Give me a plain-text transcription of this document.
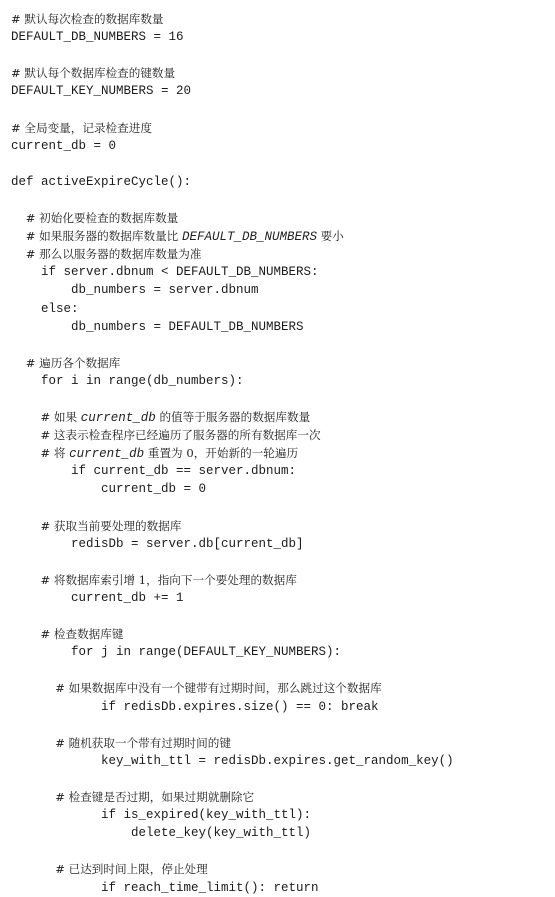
# 默认每次检查的数据库数量
DEFAULT_DB_NUMBERS = 16
# 默认每个数据库检查的键数量
DEFAULT_KEY_NUMBERS = 20
# 全局变量，记录检查进度
current_db = 0
def activeExpireCycle():
# 初始化要检查的数据库数量
# 如果服务器的数据库数量比 DEFAULT_DB_NUMBERS 要小
# 那么以服务器的数据库数量为准
if server.dbnum < DEFAULT_DB_NUMBERS:
db_numbers = server.dbnum
else:
db_numbers = DEFAULT_DB_NUMBERS
# 遍历各个数据库
for i in range(db_numbers):
# 如果 current_db 的值等于服务器的数据库数量
# 这表示检查程序已经遍历了服务器的所有数据库一次
# 将 current_db 重置为 0，开始新的一轮遍历
if current_db == server.dbnum:
current_db = 0
# 获取当前要处理的数据库
redisDb = server.db[current_db]
# 将数据库索引增 1，指向下一个要处理的数据库
current_db += 1
# 检查数据库键
for j in range(DEFAULT_KEY_NUMBERS):
# 如果数据库中没有一个键带有过期时间，那么跳过这个数据库
if redisDb.expires.size() == 0: break
# 随机获取一个带有过期时间的键
key_with_ttl = redisDb.expires.get_random_key()
# 检查键是否过期，如果过期就删除它
if is_expired(key_with_ttl):
delete_key(key_with_ttl)
# 已达到时间上限，停止处理
if reach_time_limit(): return
